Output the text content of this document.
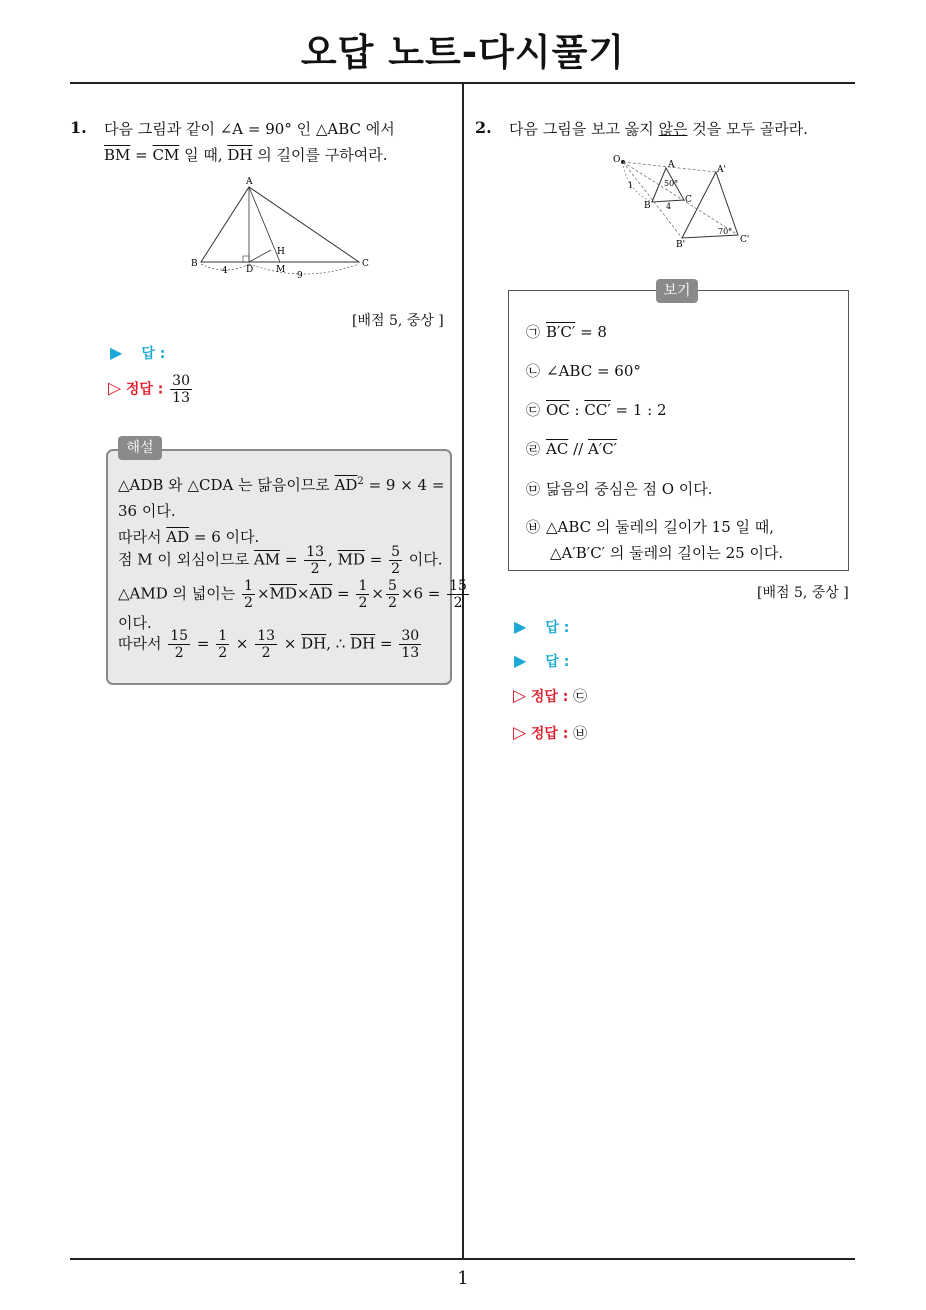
오답 노트-다시풀기
1
1. 다음 그림과 같이 ∠A = 90° 인 △ABC 에서
$\overline{BM} = \overline{CM}$ 일 때, $\overline{DH}$ 의 길이를 구하여라.
A
B	C
D
H
M
4	9
[배점 5, 중상 ]
▶ 답 :
▷ 정답 : $\frac{30}{13}$
해설
△ADB 와 △CDA 는 닮음이므로 $\overline{AD}^2 = 9 \times 4$ =
36 이다.
따라서 $\overline{AD} = 6$ 이다.
점 M 이 외심이므로 $\overline{AM} = \frac{13}{2}$ , $\overline{MD} = \frac{5}{2}$ 이다.
△AMD 의 넓이는 $\frac{1}{2} \times\overline{MD}\times\overline{AD} = \frac{1}{2} \times \frac{5}{2} \times 6 = \frac{15}{2}$
이다.
따라서 $\frac{15}{2} = \frac{1}{2} \times \frac{13}{2} \times \overline{DH}$, ∴ $\overline{DH} = \frac{30}{13}$
2. 다음 그림을 보고 옳지 않은 것을 모두 골라라.
O	A
B
C
A'
B'	C'
1
4
50°
70°
보기
㉠ B′C′ = 8
㉡ ∠ABC = 60°
㉢ $\overline{OC}$ : CC′ = 1 : 2
㉣ $\overline{AC} // A'C'$
㉤ 닮음의 중심은 점 O 이다.
㉥ △ABC 의 둘레의 길이가 15 일 때,
△A′B′C′ 의 둘레의 길이는 25 이다.
[배점 5, 중상 ]
▶ 답 :
▶ 답 :
▷ 정답 : ㉢
▷ 정답 : ㉥
